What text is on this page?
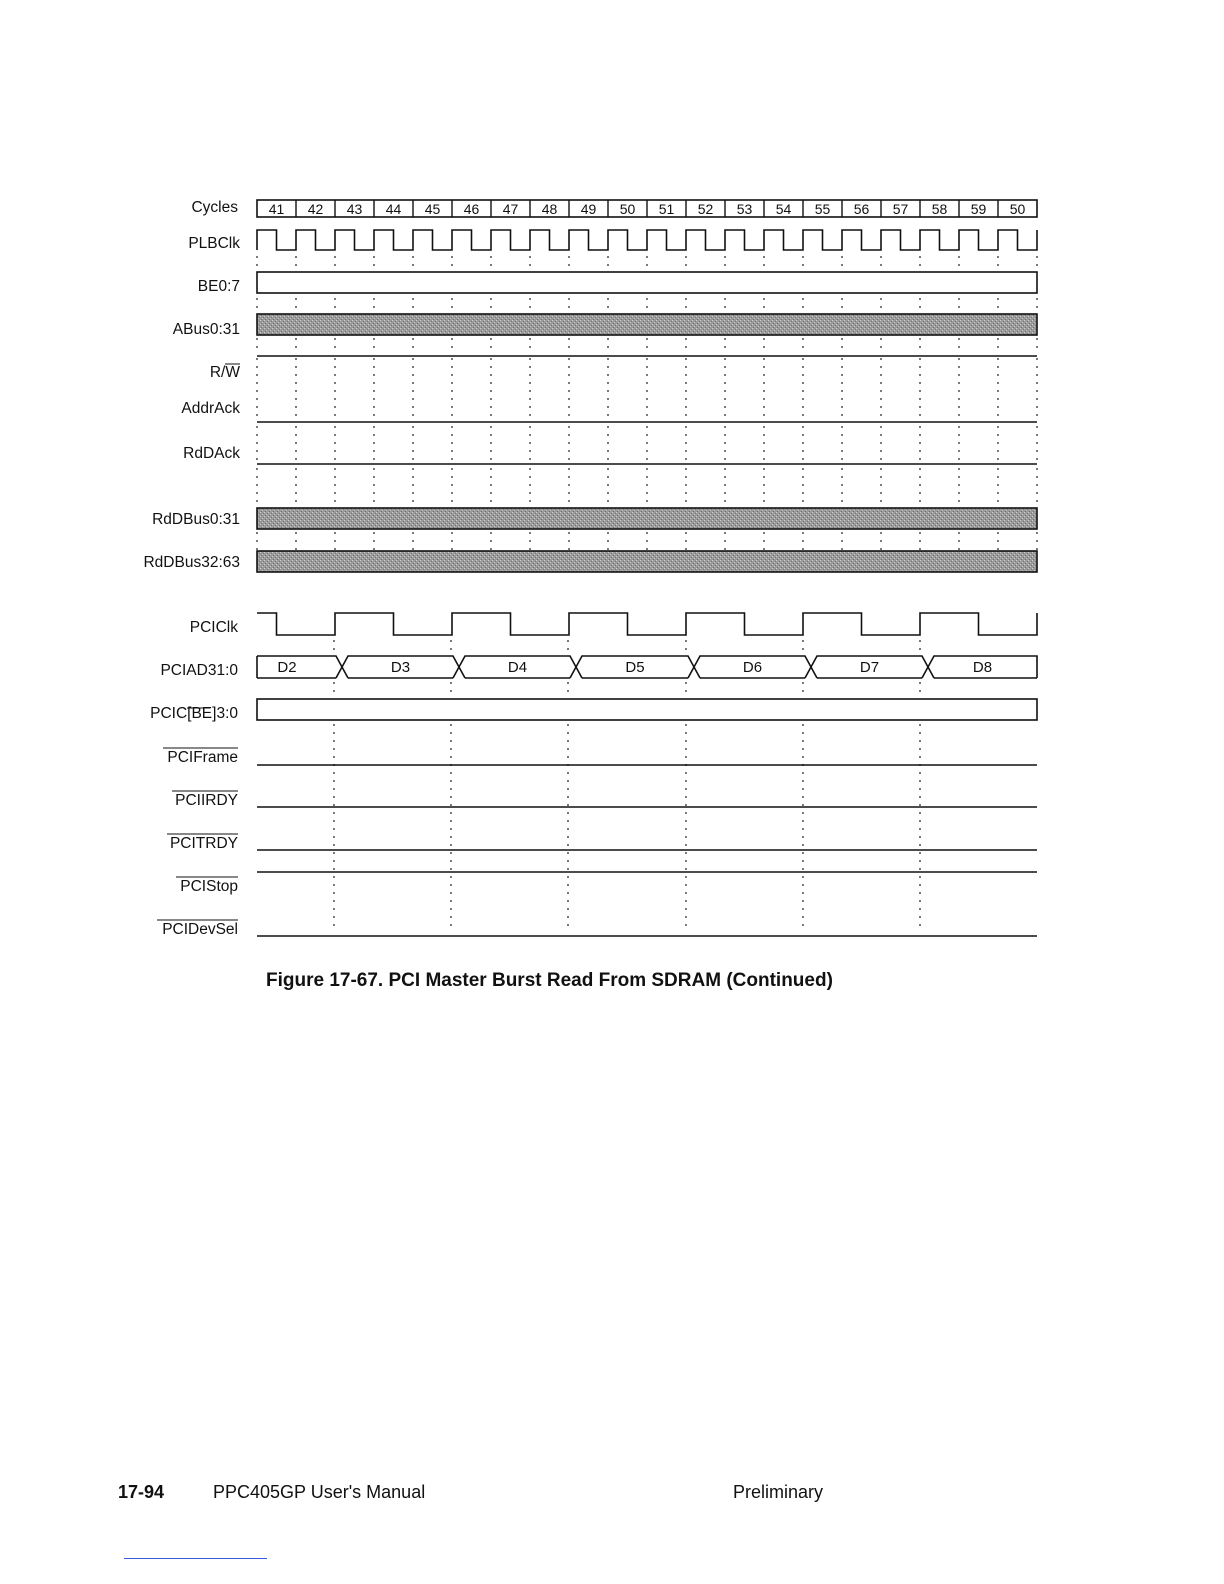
Cycles
PLBClk
BE0:7
ABus0:31
R/W
AddrAck
RdDAck
RdDBus0:31
RdDBus32:63
PCIClk
PCIAD31:0
PCIC[BE]3:0
PCIFrame
PCIIRDY
PCITRDY
PCIStop
PCIDevSel
41 42 43 44 45 46 47 48 49 50 51 52 53 54 55 56 57 58 59 50
D2	D3	D4	D5	D6	D7	D8
Figure 17-67. PCI Master Burst Read From SDRAM (Continued)
17-94	PPC405GP User's Manual	Preliminary
